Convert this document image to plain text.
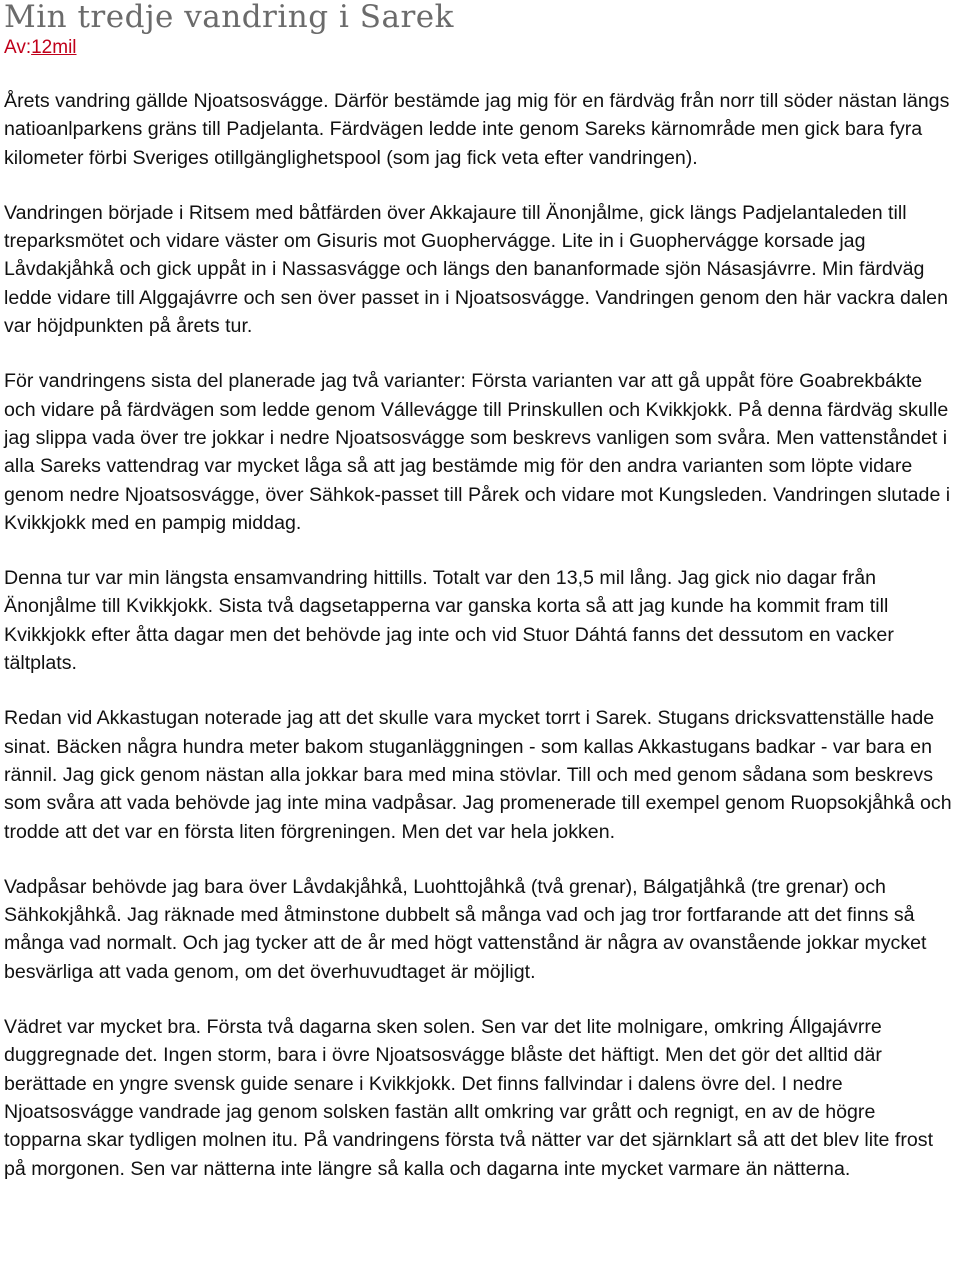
Min tredje vandring i Sarek
Av:12mil

Årets vandring gällde Njoatsosvágge. Därför bestämde jag mig för en färdväg från norr till söder nästan längs natioanlparkens gräns till Padjelanta. Färdvägen ledde inte genom Sareks kärnområde men gick bara fyra kilometer förbi Sveriges otillgänglighetspool (som jag fick veta efter vandringen).

Vandringen började i Ritsem med båtfärden över Akkajaure till Änonjålme, gick längs Padjelantaleden till treparksmötet och vidare väster om Gisuris mot Guophervágge. Lite in i Guophervágge korsade jag Låvdakjåhkå och gick uppåt in i Nassasvágge och längs den bananformade sjön Násasjávrre. Min färdväg ledde vidare till Alggajávrre och sen över passet in i Njoatsosvágge. Vandringen genom den här vackra dalen var höjdpunkten på årets tur.

För vandringens sista del planerade jag två varianter: Första varianten var att gå uppåt före Goabrekbákte och vidare på färdvägen som ledde genom Vállevágge till Prinskullen och Kvikkjokk. På denna färdväg skulle jag slippa vada över tre jokkar i nedre Njoatsosvágge som beskrevs vanligen som svåra. Men vattenståndet i alla Sareks vattendrag var mycket låga så att jag bestämde mig för den andra varianten som löpte vidare genom nedre Njoatsosvágge, över Sähkok-passet till Pårek och vidare mot Kungsleden. Vandringen slutade i Kvikkjokk med en pampig middag.

Denna tur var min längsta ensamvandring hittills. Totalt var den 13,5 mil lång. Jag gick nio dagar från Änonjålme till Kvikkjokk. Sista två dagsetapperna var ganska korta så att jag kunde ha kommit fram till Kvikkjokk efter åtta dagar men det behövde jag inte och vid Stuor Dáhtá fanns det dessutom en vacker tältplats.

Redan vid Akkastugan noterade jag att det skulle vara mycket torrt i Sarek. Stugans dricksvattenställe hade sinat. Bäcken några hundra meter bakom stuganläggningen - som kallas Akkastugans badkar - var bara en rännil. Jag gick genom nästan alla jokkar bara med mina stövlar. Till och med genom sådana som beskrevs som svåra att vada behövde jag inte mina vadpåsar. Jag promenerade till exempel genom Ruopsokjåhkå och trodde att det var en första liten förgreningen. Men det var hela jokken.

Vadpåsar behövde jag bara över Låvdakjåhkå, Luohttojåhkå (två grenar), Bálgatjåhkå (tre grenar) och Sähkokjåhkå. Jag räknade med åtminstone dubbelt så många vad och jag tror fortfarande att det finns så många vad normalt. Och jag tycker att de år med högt vattenstånd är några av ovanstående jokkar mycket besvärliga att vada genom, om det överhuvudtaget är möjligt.

Vädret var mycket bra. Första två dagarna sken solen. Sen var det lite molnigare, omkring Állgajávrre duggregnade det. Ingen storm, bara i övre Njoatsosvágge blåste det häftigt. Men det gör det alltid där berättade en yngre svensk guide senare i Kvikkjokk. Det finns fallvindar i dalens övre del. I nedre Njoatsosvágge vandrade jag genom solsken fastän allt omkring var grått och regnigt, en av de högre topparna skar tydligen molnen itu. På vandringens första två nätter var det sjärnklart så att det blev lite frost på morgonen. Sen var nätterna inte längre så kalla och dagarna inte mycket varmare än nätterna.
